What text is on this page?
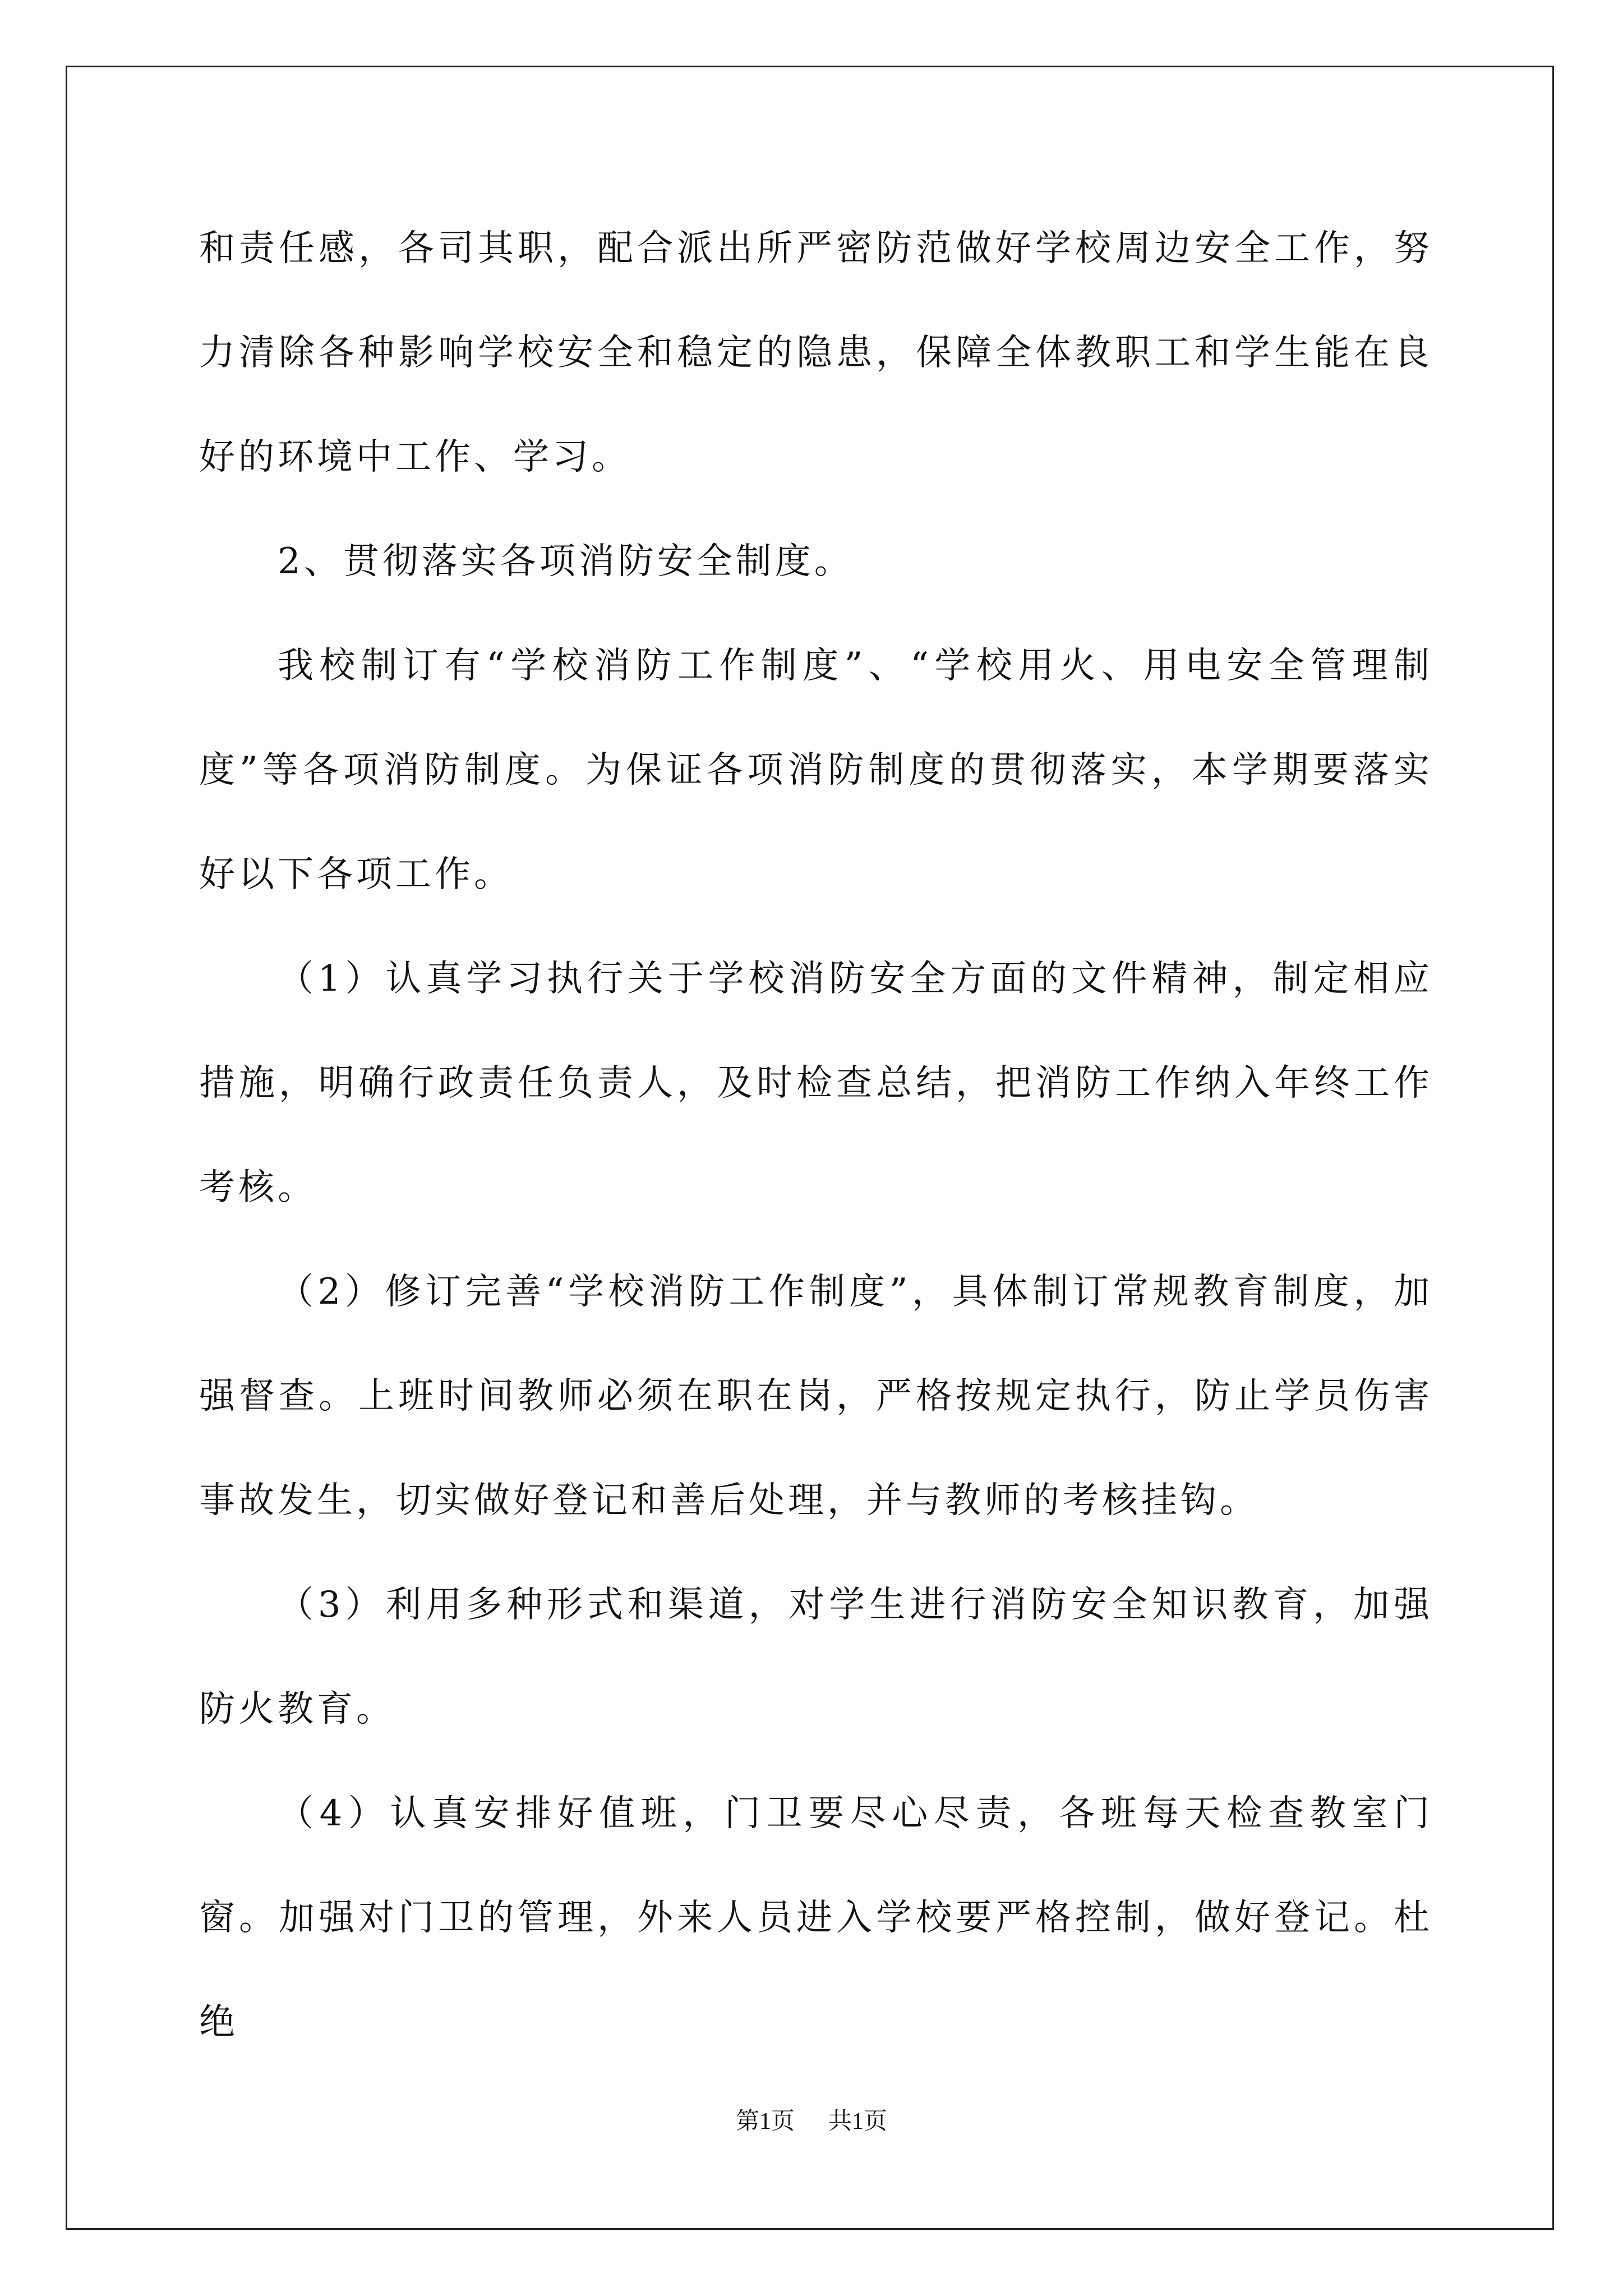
和责任感，各司其职，配合派出所严密防范做好学校周边安全工作，努力清除各种影响学校安全和稳定的隐患，保障全体教职工和学生能在良好的环境中工作、学习。

2、贯彻落实各项消防安全制度。

我校制订有“学校消防工作制度”、“学校用火、用电安全管理制度”等各项消防制度。为保证各项消防制度的贯彻落实，本学期要落实好以下各项工作。

（1）认真学习执行关于学校消防安全方面的文件精神，制定相应措施，明确行政责任负责人，及时检查总结，把消防工作纳入年终工作考核。

（2）修订完善“学校消防工作制度”，具体制订常规教育制度，加强督查。上班时间教师必须在职在岗，严格按规定执行，防止学员伤害事故发生，切实做好登记和善后处理，并与教师的考核挂钩。

（3）利用多种形式和渠道，对学生进行消防安全知识教育，加强防火教育。

（4）认真安排好值班，门卫要尽心尽责，各班每天检查教室门窗。加强对门卫的管理，外来人员进入学校要严格控制，做好登记。杜绝

第1页 共1页
